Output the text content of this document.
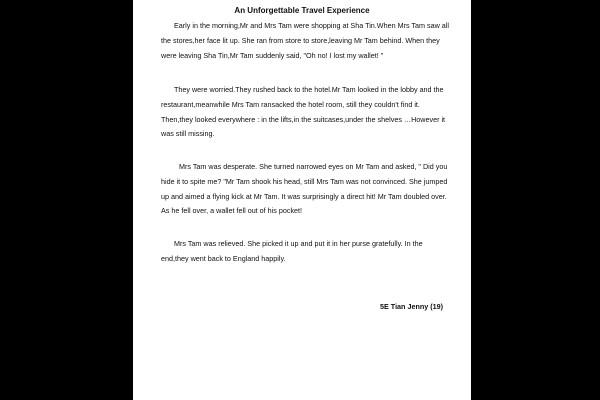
An Unforgettable Travel Experience

Early in the morning,Mr and Mrs Tam were shopping at Sha Tin.When Mrs Tam saw all the stores,her face lit up. She ran from store to store,leaving Mr Tam behind. When they were leaving Sha Tin,Mr Tam suddenly said, "Oh no! I lost my wallet! "

They were worried.They rushed back to the hotel.Mr Tam looked in the lobby and the restaurant,meanwhile Mrs Tam ransacked the hotel room, still they couldn't find it. Then,they looked everywhere : in the lifts,in the suitcases,under the shelves …However it was still missing.

Mrs Tam was desperate. She turned narrowed eyes on Mr Tam and asked, " Did you hide it to spite me? "Mr Tam shook his head, still Mrs Tam was not convinced. She jumped up and aimed a flying kick at Mr Tam. It was surprisingly a direct hit! Mr Tam doubled over. As he fell over, a wallet fell out of his pocket!

Mrs Tam was relieved. She picked it up and put it in her purse gratefully. In the end,they went back to England happily.

5E Tian Jenny (19)
